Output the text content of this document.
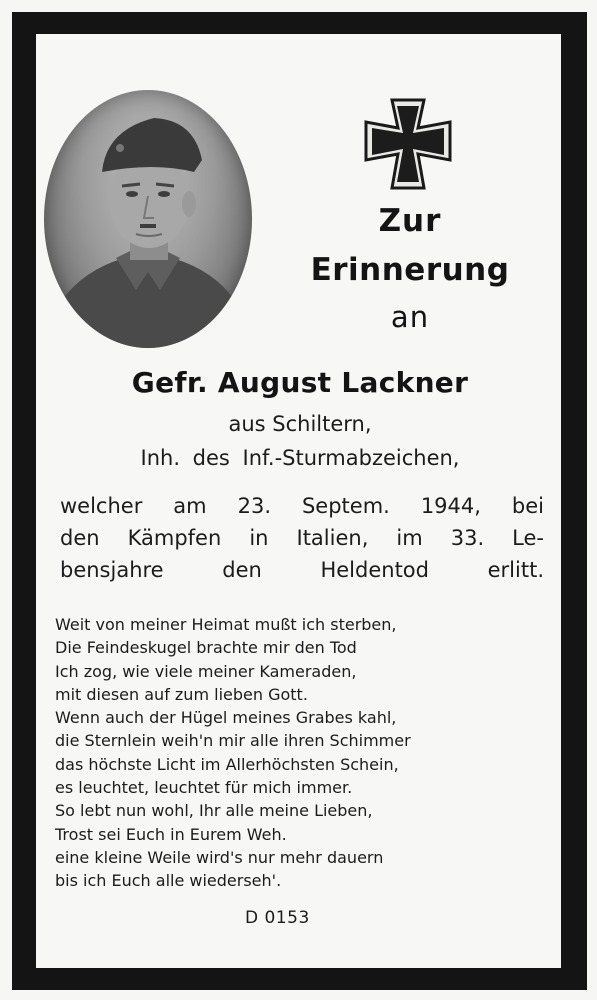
Zur
Erinnerung
an
Gefr. August Lackner
aus Schiltern,
Inh. des Inf.-Sturmabzeichen,
welcher am 23. Septem. 1944, bei
den Kämpfen in Italien, im 33. Le-
bensjahre den Heldentod erlitt.
Weit von meiner Heimat mußt ich sterben,
Die Feindeskugel brachte mir den Tod
Ich zog, wie viele meiner Kameraden,
mit diesen auf zum lieben Gott.
Wenn auch der Hügel meines Grabes kahl,
die Sternlein weih'n mir alle ihren Schimmer
das höchste Licht im Allerhöchsten Schein,
es leuchtet, leuchtet für mich immer.
So lebt nun wohl, Ihr alle meine Lieben,
Trost sei Euch in Eurem Weh.
eine kleine Weile wird's nur mehr dauern
bis ich Euch alle wiederseh'.
D 0153
